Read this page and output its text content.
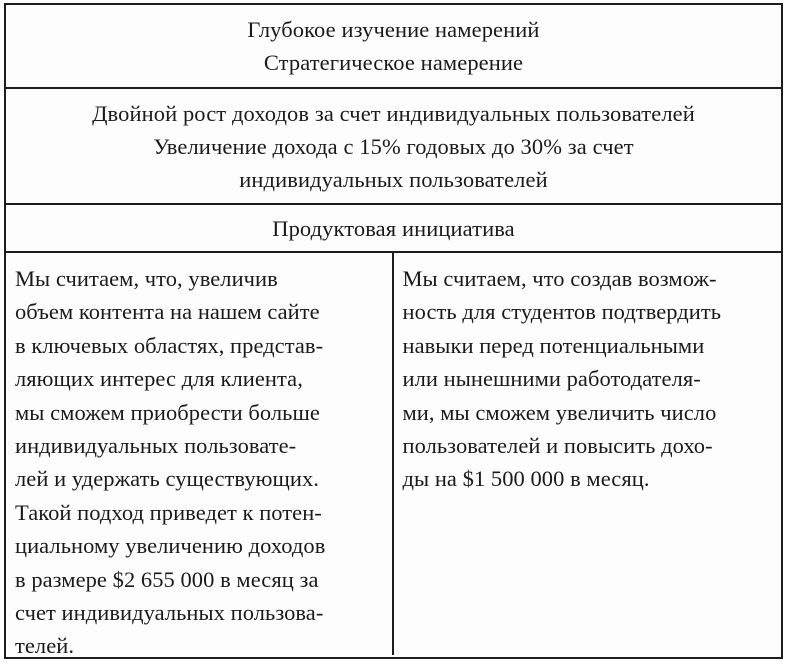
Глубокое изучение намерений
Стратегическое намерение
Двойной рост доходов за счет индивидуальных пользователей
Увеличение дохода с 15% годовых до 30% за счет
индивидуальных пользователей
Продуктовая инициатива
Мы считаем, что, увеличив
объем контента на нашем сайте
в ключевых областях, представ-
ляющих интерес для клиента,
мы сможем приобрести больше
индивидуальных пользовате-
лей и удержать существующих.
Такой подход приведет к потен-
циальному увеличению доходов
в размере $2 655 000 в месяц за
счет индивидуальных пользова-
телей.
Мы считаем, что создав возмож-
ность для студентов подтвердить
навыки перед потенциальными
или нынешними работодателя-
ми, мы сможем увеличить число
пользователей и повысить дохо-
ды на $1 500 000 в месяц.
